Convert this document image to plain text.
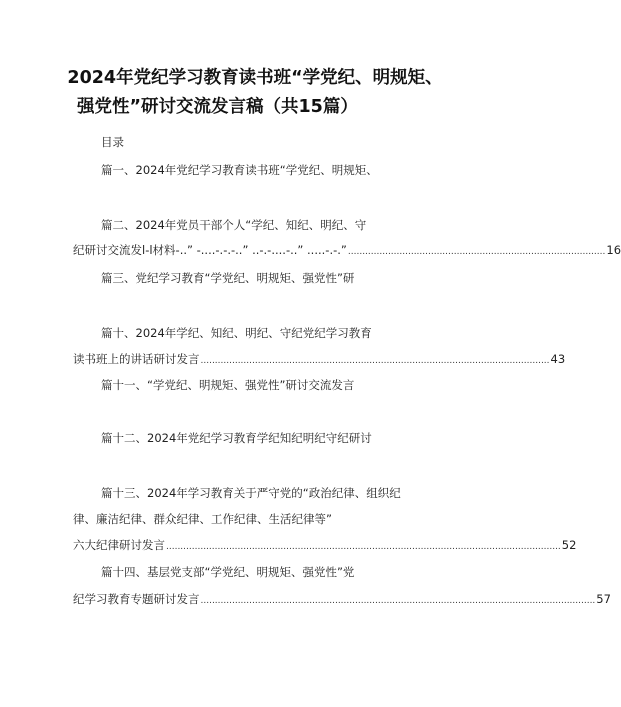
2024年党纪学习教育读书班“学党纪、明规矩、
强党性”研讨交流发言稿（共15篇）
目录
篇一、2024年党纪学习教育读书班“学党纪、明规矩、
篇二、2024年党员干部个人“学纪、知纪、明纪、守
纪研讨交流发l-l材料-..” -....-.-.-..” ..-.-....-..” .....-.-.” .......................................................................................... 16
篇三、党纪学习教育“学党纪、明规矩、强党性”研
篇十、2024年学纪、知纪、明纪、守纪党纪学习教育
读书班上的讲话研讨发言 .......................................................................................................................... 43
篇十一、“学党纪、明规矩、强党性”研讨交流发言
篇十二、2024年党纪学习教育学纪知纪明纪守纪研讨
篇十三、2024年学习教育关于严守党的“政治纪律、组织纪
律、廉洁纪律、群众纪律、工作纪律、生活纪律等”
六大纪律研讨发言 .......................................................................................................................................... 52
篇十四、基层党支部“学党纪、明规矩、强党性”党
纪学习教育专题研讨发言 .......................................................................................................................................... 57
